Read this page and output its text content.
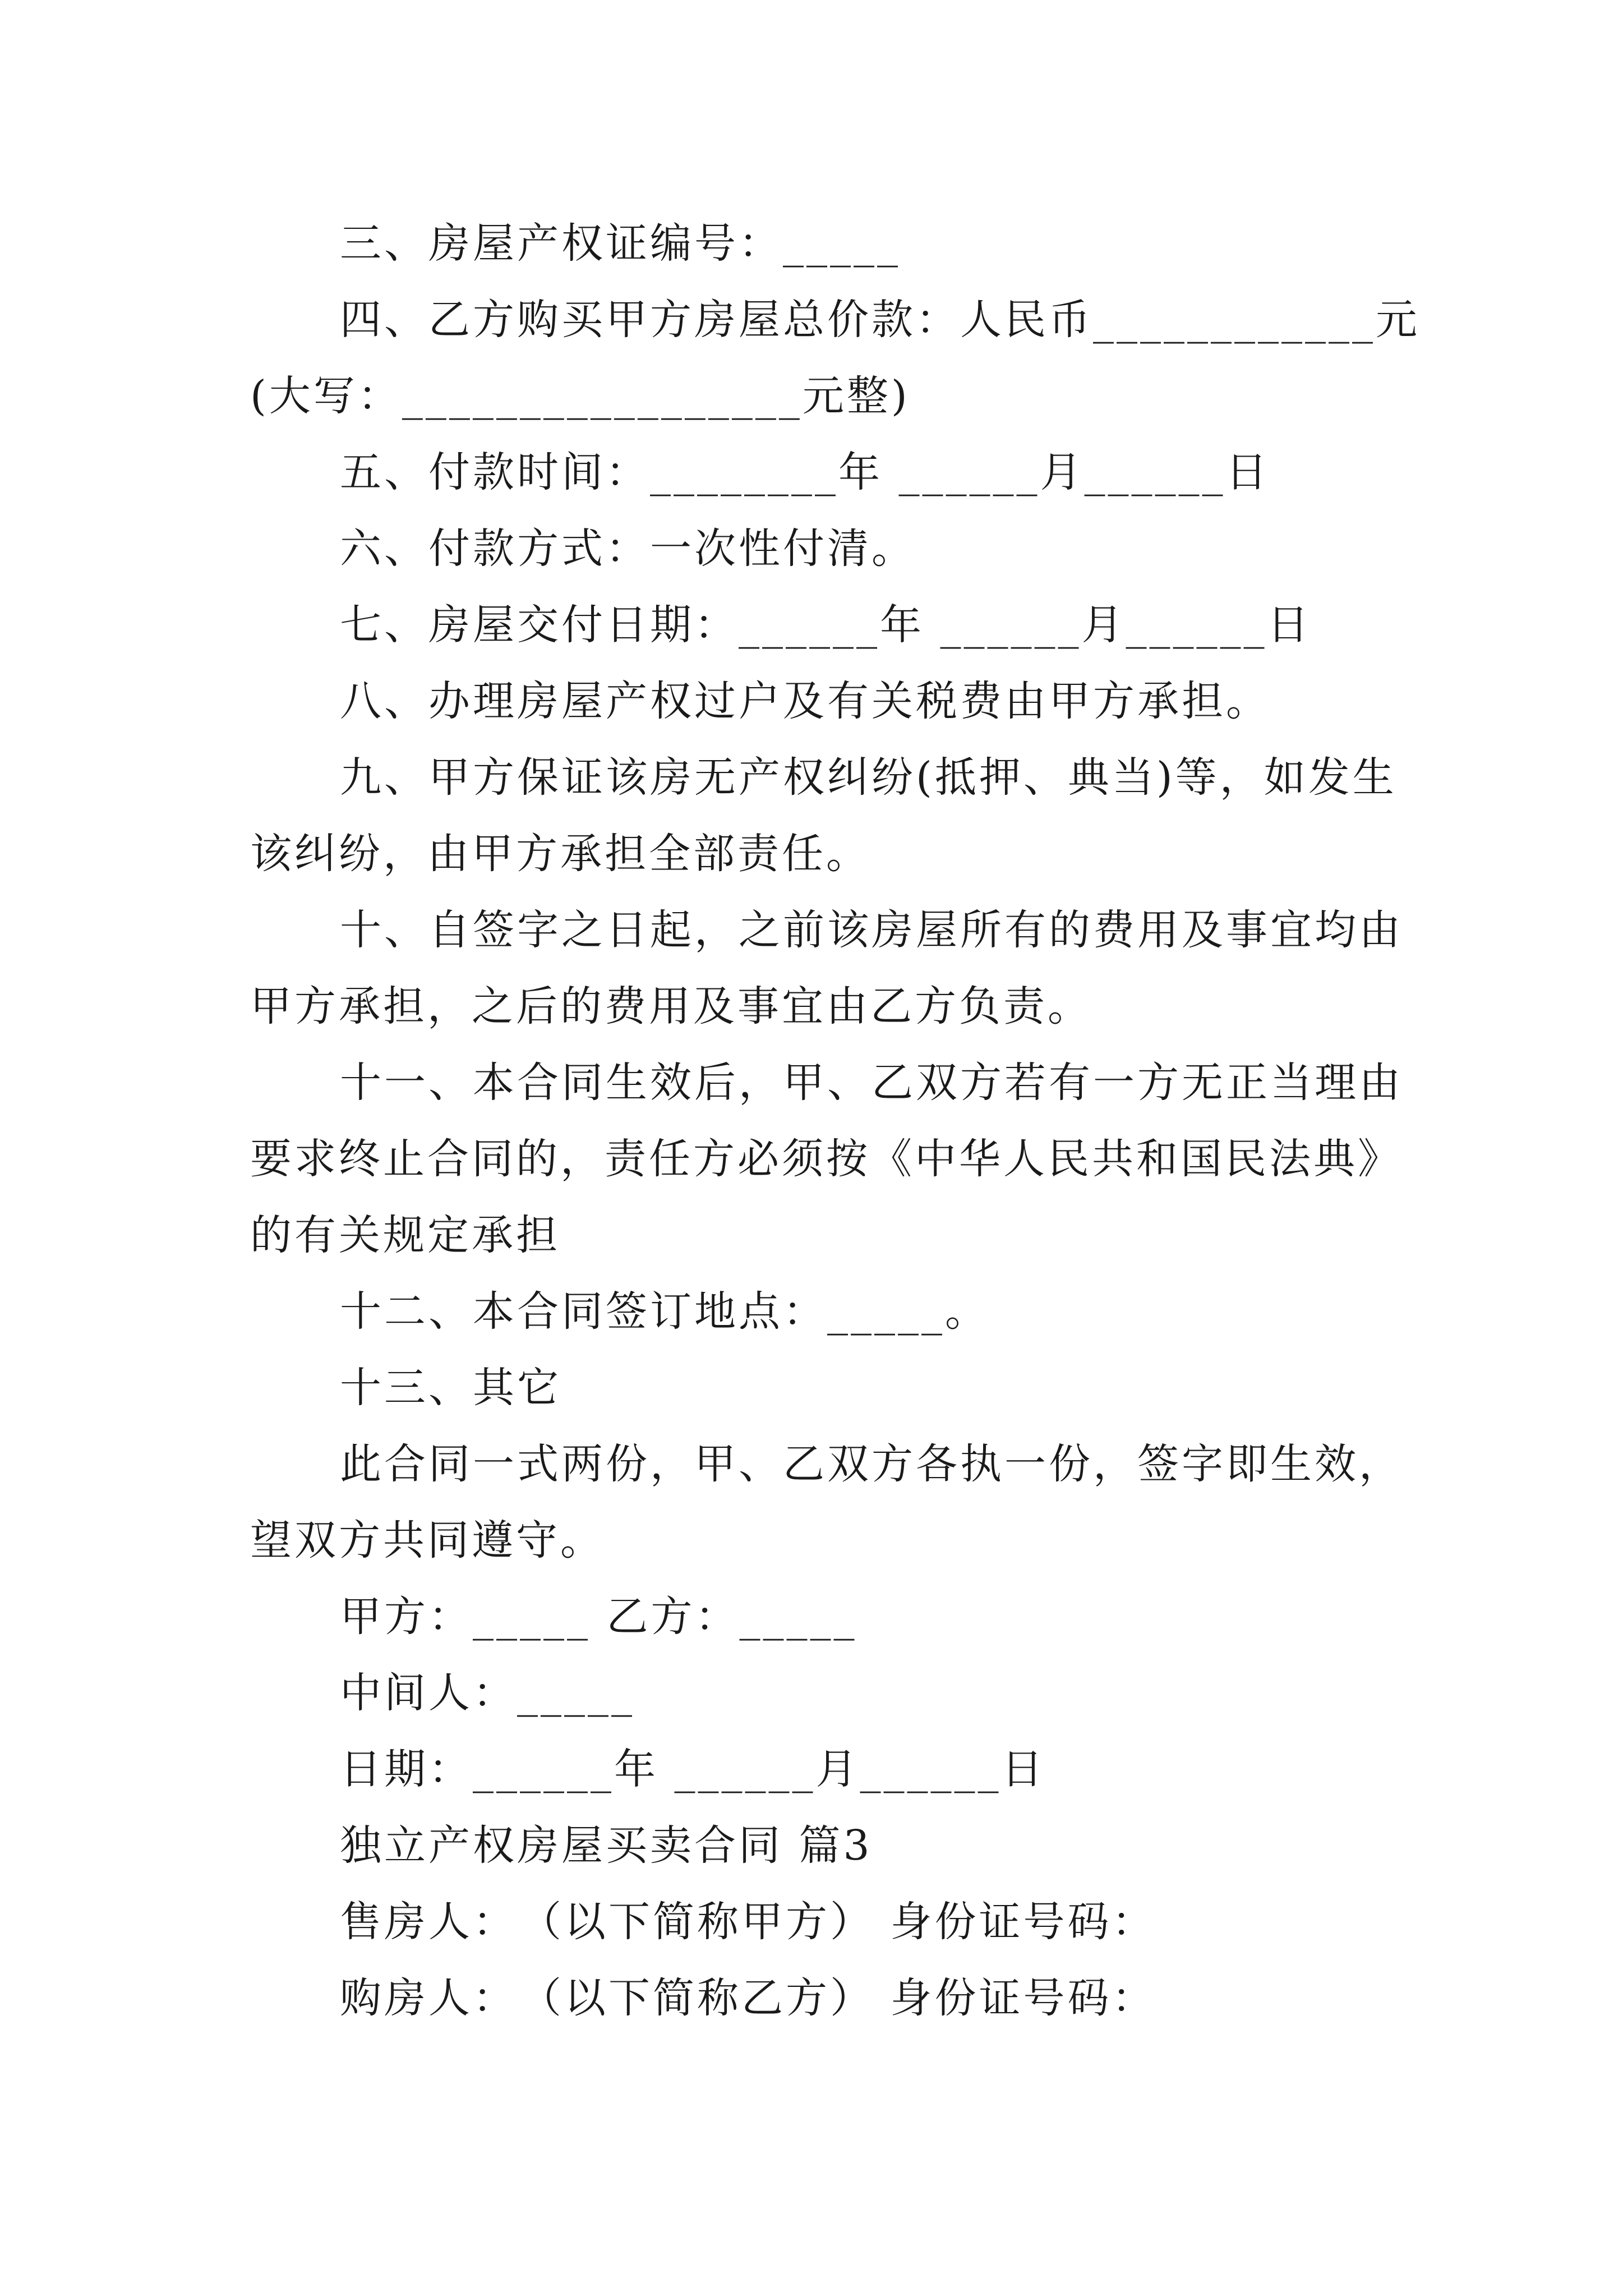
三、房屋产权证编号：_____
四、乙方购买甲方房屋总价款：人民币____________元
(大写：_________________元整)
五、付款时间：________年 ______月______日
六、付款方式：一次性付清。
七、房屋交付日期：______年 ______月______日
八、办理房屋产权过户及有关税费由甲方承担。
九、甲方保证该房无产权纠纷(抵押、典当)等，如发生
该纠纷，由甲方承担全部责任。
十、自签字之日起，之前该房屋所有的费用及事宜均由
甲方承担，之后的费用及事宜由乙方负责。
十一、本合同生效后，甲、乙双方若有一方无正当理由
要求终止合同的，责任方必须按《中华人民共和国民法典》
的有关规定承担
十二、本合同签订地点：_____。
十三、其它
此合同一式两份，甲、乙双方各执一份，签字即生效，
望双方共同遵守。
甲方：_____ 乙方：_____
中间人：_____
日期：______年 ______月______日
独立产权房屋买卖合同 篇3
售房人：　（以下简称甲方） 身份证号码：
购房人：　（以下简称乙方） 身份证号码：
